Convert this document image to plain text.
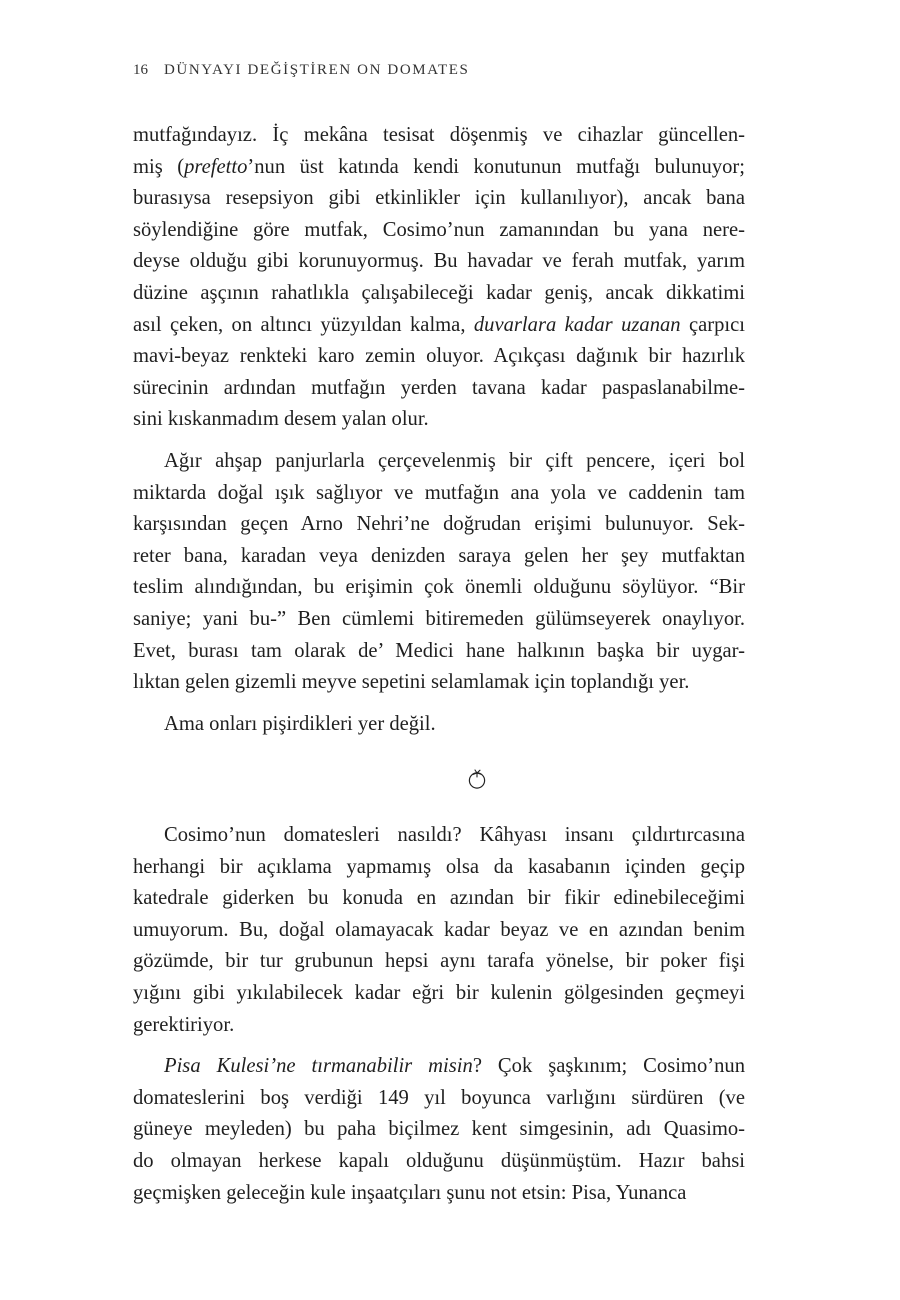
16 DÜNYAYI DEĞİŞTİREN ON DOMATES
mutfağındayız. İç mekâna tesisat döşenmiş ve cihazlar güncellen-
miş (prefetto’nun üst katında kendi konutunun mutfağı bulunuyor;
burasıysa resepsiyon gibi etkinlikler için kullanılıyor), ancak bana
söylendiğine göre mutfak, Cosimo’nun zamanından bu yana nere-
deyse olduğu gibi korunuyormuş. Bu havadar ve ferah mutfak, yarım
düzine aşçının rahatlıkla çalışabileceği kadar geniş, ancak dikkatimi
asıl çeken, on altıncı yüzyıldan kalma, duvarlara kadar uzanan çarpıcı
mavi-beyaz renkteki karo zemin oluyor. Açıkçası dağınık bir hazırlık
sürecinin ardından mutfağın yerden tavana kadar paspaslanabilme-
sini kıskanmadım desem yalan olur.
Ağır ahşap panjurlarla çerçevelenmiş bir çift pencere, içeri bol
miktarda doğal ışık sağlıyor ve mutfağın ana yola ve caddenin tam
karşısından geçen Arno Nehri’ne doğrudan erişimi bulunuyor. Sek-
reter bana, karadan veya denizden saraya gelen her şey mutfaktan
teslim alındığından, bu erişimin çok önemli olduğunu söylüyor. “Bir
saniye; yani bu-” Ben cümlemi bitiremeden gülümseyerek onaylıyor.
Evet, burası tam olarak de’ Medici hane halkının başka bir uygar-
lıktan gelen gizemli meyve sepetini selamlamak için toplandığı yer.
Ama onları pişirdikleri yer değil.
Cosimo’nun domatesleri nasıldı? Kâhyası insanı çıldırtırcasına
herhangi bir açıklama yapmamış olsa da kasabanın içinden geçip
katedrale giderken bu konuda en azından bir fikir edinebileceğimi
umuyorum. Bu, doğal olamayacak kadar beyaz ve en azından benim
gözümde, bir tur grubunun hepsi aynı tarafa yönelse, bir poker fişi
yığını gibi yıkılabilecek kadar eğri bir kulenin gölgesinden geçmeyi
gerektiriyor.
Pisa Kulesi’ne tırmanabilir misin? Çok şaşkınım; Cosimo’nun
domateslerini boş verdiği 149 yıl boyunca varlığını sürdüren (ve
güneye meyleden) bu paha biçilmez kent simgesinin, adı Quasimo-
do olmayan herkese kapalı olduğunu düşünmüştüm. Hazır bahsi
geçmişken geleceğin kule inşaatçıları şunu not etsin: Pisa, Yunanca
